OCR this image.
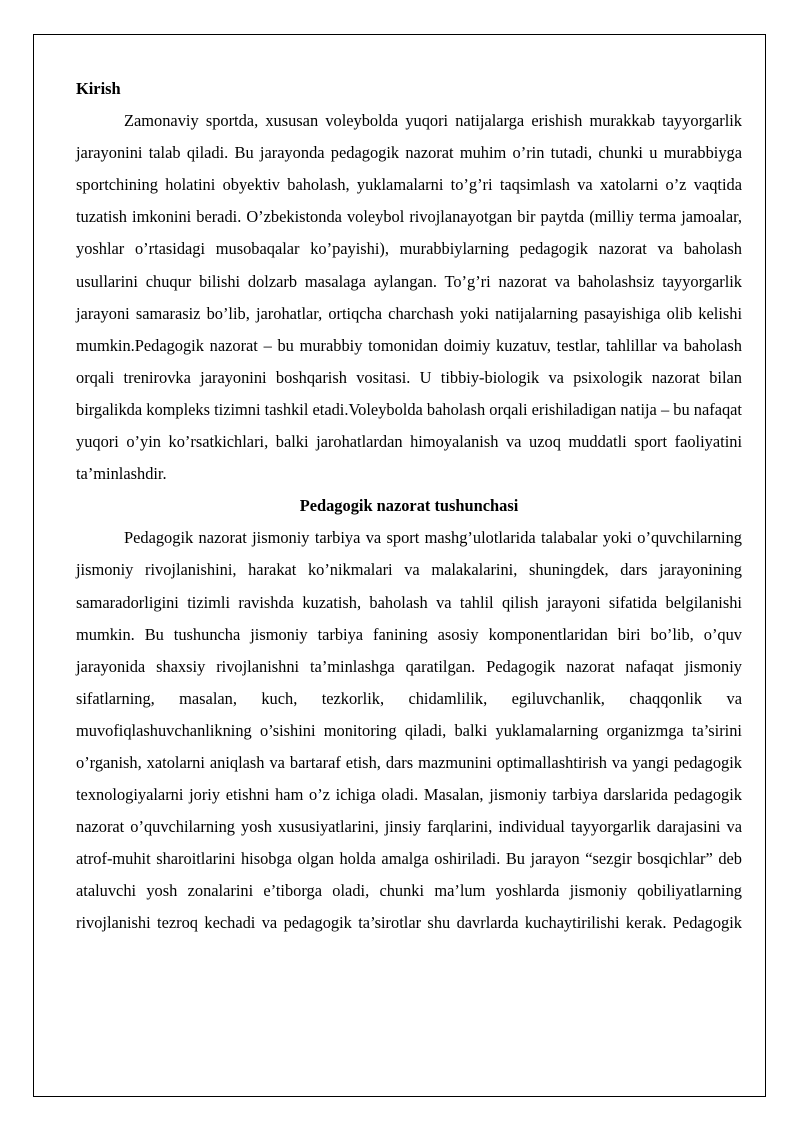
Kirish

Zamonaviy sportda, xususan voleybolda yuqori natijalarga erishish murakkab tayyorgarlik jarayonini talab qiladi. Bu jarayonda pedagogik nazorat muhim o’rin tutadi, chunki u murabbiyga sportchining holatini obyektiv baholash, yuklamalarni to’g’ri taqsimlash va xatolarni o’z vaqtida tuzatish imkonini beradi. O’zbekistonda voleybol rivojlanayotgan bir paytda (milliy terma jamoalar, yoshlar o’rtasidagi musobaqalar ko’payishi), murabbiylarning pedagogik nazorat va baholash usullarini chuqur bilishi dolzarb masalaga aylangan. To’g’ri nazorat va baholashsiz tayyorgarlik jarayoni samarasiz bo’lib, jarohatlar, ortiqcha charchash yoki natijalarning pasayishiga olib kelishi mumkin.Pedagogik nazorat – bu murabbiy tomonidan doimiy kuzatuv, testlar, tahlillar va baholash orqali trenirovka jarayonini boshqarish vositasi. U tibbiy-biologik va psixologik nazorat bilan birgalikda kompleks tizimni tashkil etadi.Voleybolda baholash orqali erishiladigan natija – bu nafaqat yuqori o’yin ko’rsatkichlari, balki jarohatlardan himoyalanish va uzoq muddatli sport faoliyatini ta’minlashdir.

Pedagogik nazorat tushunchasi

Pedagogik nazorat jismoniy tarbiya va sport mashg’ulotlarida talabalar yoki o’quvchilarning jismoniy rivojlanishini, harakat ko’nikmalari va malakalarini, shuningdek, dars jarayonining samaradorligini tizimli ravishda kuzatish, baholash va tahlil qilish jarayoni sifatida belgilanishi mumkin. Bu tushuncha jismoniy tarbiya fanining asosiy komponentlaridan biri bo’lib, o’quv jarayonida shaxsiy rivojlanishni ta’minlashga qaratilgan. Pedagogik nazorat nafaqat jismoniy sifatlarning, masalan, kuch, tezkorlik, chidamlilik, egiluvchanlik, chaqqonlik va muvofiqlashuvchanlikning o’sishini monitoring qiladi, balki yuklamalarning organizmga ta’sirini o’rganish, xatolarni aniqlash va bartaraf etish, dars mazmunini optimallashtirish va yangi pedagogik texnologiyalarni joriy etishni ham o’z ichiga oladi. Masalan, jismoniy tarbiya darslarida pedagogik nazorat o’quvchilarning yosh xususiyatlarini, jinsiy farqlarini, individual tayyorgarlik darajasini va atrof-muhit sharoitlarini hisobga olgan holda amalga oshiriladi. Bu jarayon “sezgir bosqichlar” deb ataluvchi yosh zonalarini e’tiborga oladi, chunki ma’lum yoshlarda jismoniy qobiliyatlarning rivojlanishi tezroq kechadi va pedagogik ta’sirotlar shu davrlarda kuchaytirilishi kerak. Pedagogik
